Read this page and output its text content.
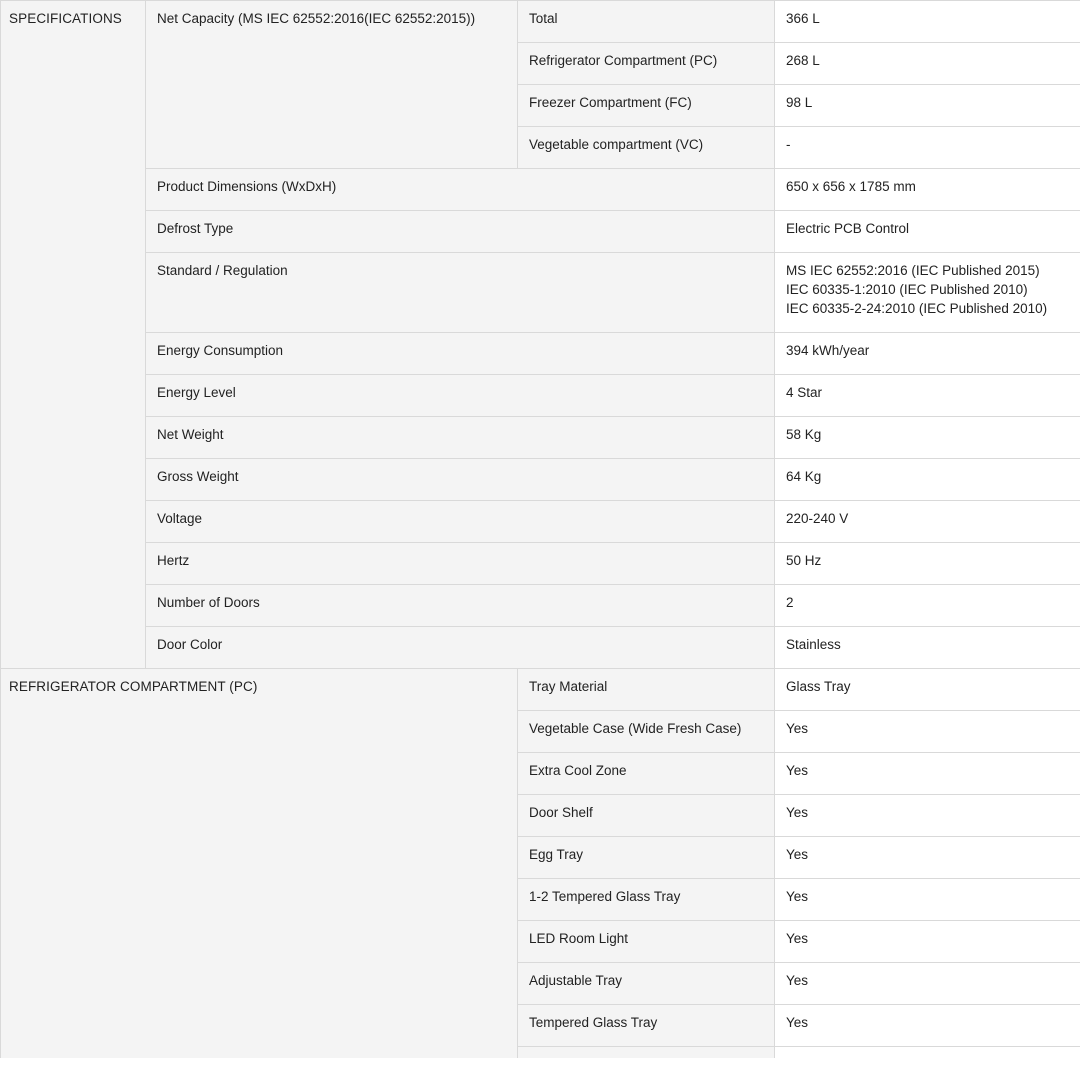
SPECIFICATIONS	Net Capacity (MS IEC 62552:2016(IEC 62552:2015))	Total	366 L
		Refrigerator Compartment (PC)	268 L
		Freezer Compartment (FC)	98 L
		Vegetable compartment (VC)	-
	Product Dimensions (WxDxH)		650 x 656 x 1785 mm
	Defrost Type		Electric PCB Control
	Standard / Regulation		MS IEC 62552:2016 (IEC Published 2015)
IEC 60335-1:2010 (IEC Published 2010)
IEC 60335-2-24:2010 (IEC Published 2010)

	Energy Consumption		394 kWh/year
	Energy Level		4 Star
	Net Weight		58 Kg
	Gross Weight		64 Kg
	Voltage		220-240 V
	Hertz		50 Hz
	Number of Doors		2
	Door Color		Stainless
REFRIGERATOR COMPARTMENT (PC)		Tray Material	Glass Tray
		Vegetable Case (Wide Fresh Case)	Yes
		Extra Cool Zone	Yes
		Door Shelf	Yes
		Egg Tray	Yes
		1-2 Tempered Glass Tray	Yes
		LED Room Light	Yes
		Adjustable Tray	Yes
		Tempered Glass Tray	Yes
